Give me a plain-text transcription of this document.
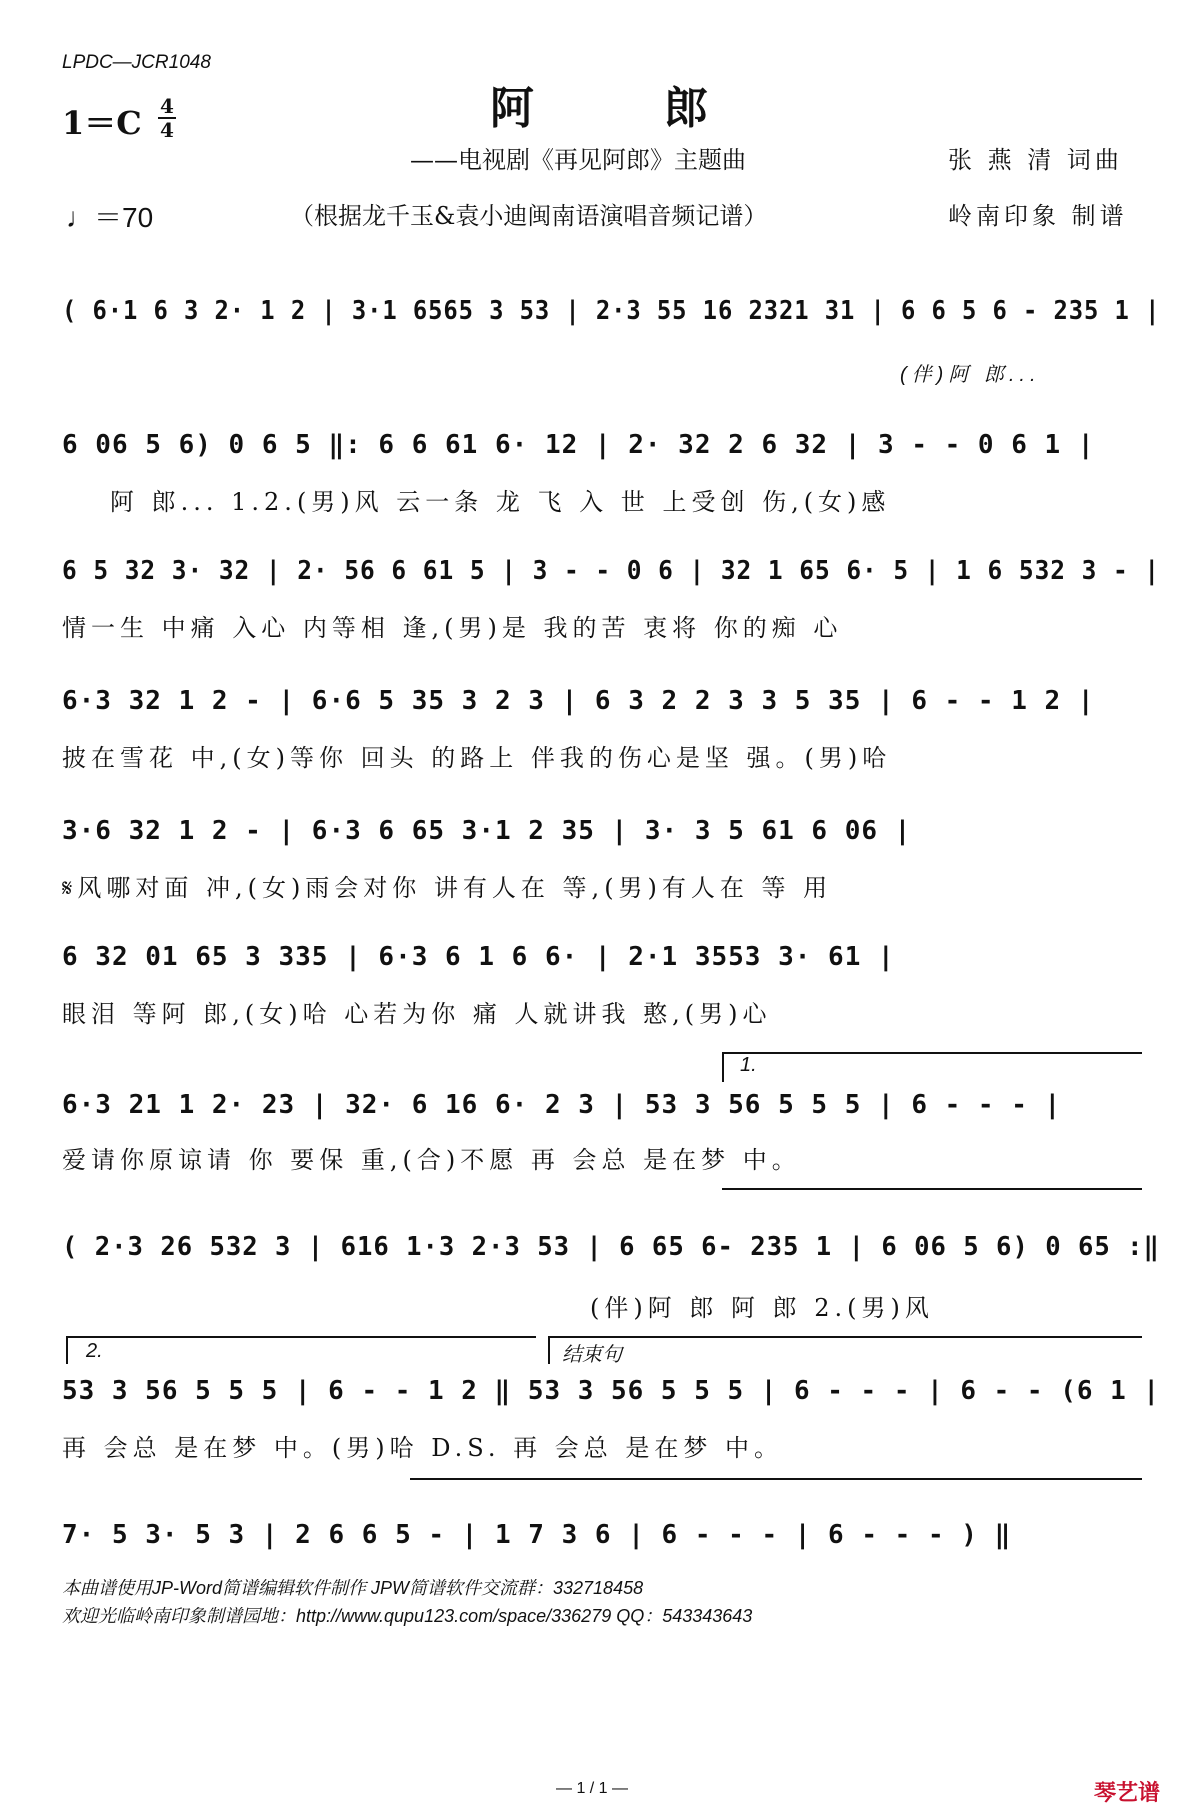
LPDC—JCR1048
阿郎
1＝C 4
4
——电视剧《再见阿郎》主题曲
♩＝70	（根据龙千玉&袁小迪闽南语演唱音频记谱）
张 燕 清 词曲
岭南印象 制谱
( 6·1 6 3 2· 1 2 | 3·1 6565 3 53 | 2·3 55 16 2321 31 | 6 6 5 6 - 235 1 |
(伴)阿 郎...
6 06 5 6) 0 6 5 ‖: 6 6 61 6· 12 | 2· 32 2 6 32 | 3 - - 0 6 1 |
阿 郎... 1.2.(男)风 云一条 龙 飞 入 世 上受创 伤,(女)感
6 5 32 3· 32 | 2· 56 6 61 5 | 3 - - 0 6 | 32 1 65 6· 5 | 1 6 532 3 - |
情一生 中痛 入心 内等相 逢,(男)是 我的苦 衷将 你的痴 心
6·3 32 1 2 - | 6·6 5 35 3 2 3 | 6 3 2 2 3 3 5 35 | 6 - - 1 2 |
披在雪花 中,(女)等你 回头 的路上 伴我的伤心是坚 强。(男)哈
3·6 32 1 2 - | 6·3 6 65 3·1 2 35 | 3· 3 5 61 6 06 |
𝄋风哪对面 冲,(女)雨会对你 讲有人在 等,(男)有人在 等 用
6 32 01 65 3 335 | 6·3 6 1 6 6· | 2·1 3553 3· 61 |
眼泪 等阿 郎,(女)哈 心若为你 痛 人就讲我 憨,(男)心
1.
6·3 21 1 2· 23 | 32· 6 16 6· 2 3 | 53 3 56 5 5 5 | 6 - - - |
爱请你原谅请 你 要保 重,(合)不愿 再 会总 是在梦 中。
( 2·3 26 532 3 | 616 1·3 2·3 53 | 6 65 6- 235 1 | 6 06 5 6) 0 65 :‖
(伴)阿 郎 阿 郎 2.(男)风
2.	结束句
53 3 56 5 5 5 | 6 - - 1 2 ‖ 53 3 56 5 5 5 | 6 - - - | 6 - - (6 1 |
再 会总 是在梦 中。(男)哈 D.S. 再 会总 是在梦 中。
7· 5 3· 5 3 | 2 6 6 5 - | 1 7 3 6 | 6 - - - | 6 - - - ) ‖
本曲谱使用JP-Word简谱编辑软件制作 JPW简谱软件交流群：332718458
欢迎光临岭南印象制谱园地：http://www.qupu123.com/space/336279 QQ：543343643
— 1 / 1 —	琴艺谱
